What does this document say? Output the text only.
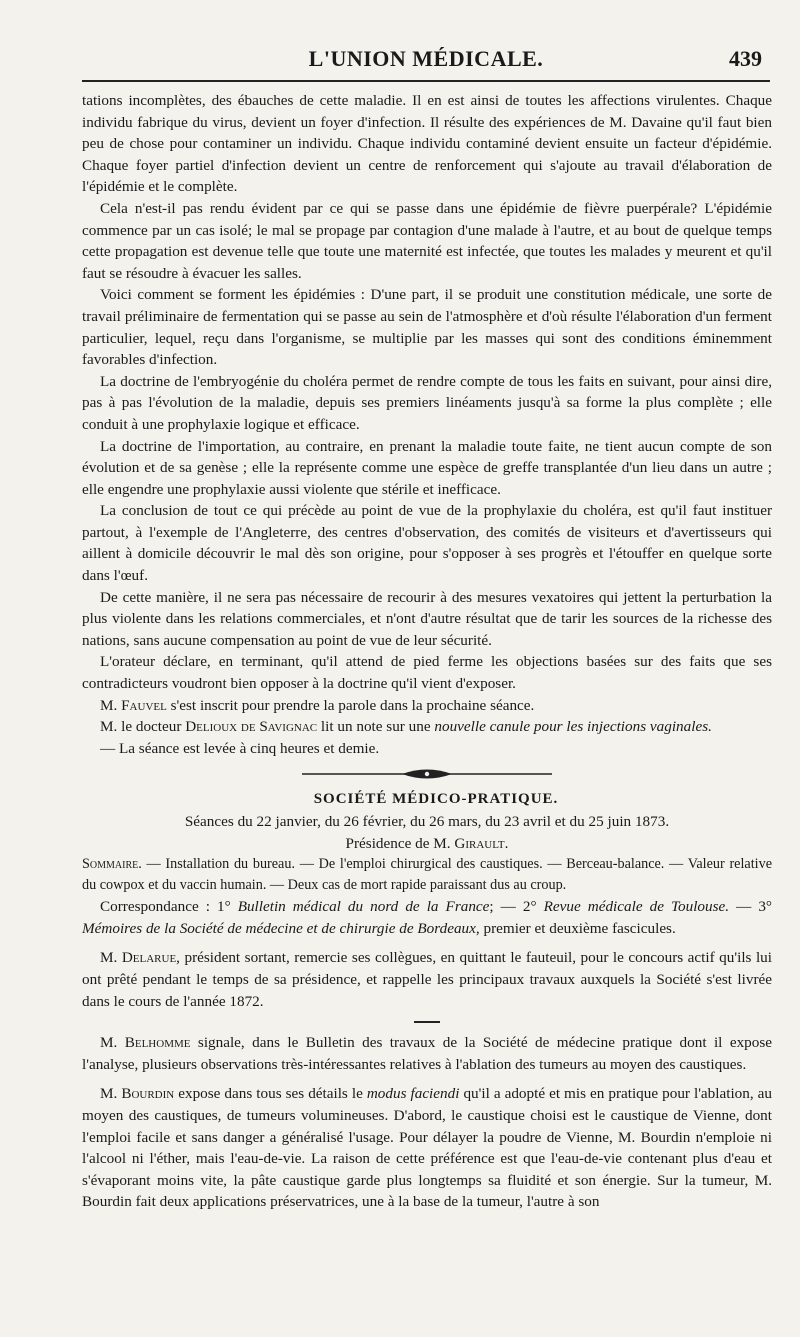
L'UNION MÉDICALE.	439

tations incomplètes, des ébauches de cette maladie. Il en est ainsi de toutes les affections virulentes. Chaque individu fabrique du virus, devient un foyer d'infection. Il résulte des expériences de M. Davaine qu'il faut bien peu de chose pour contaminer un individu. Chaque individu contaminé devient ensuite un facteur d'épidémie. Chaque foyer partiel d'infection devient un centre de renforcement qui s'ajoute au travail d'élaboration de l'épidémie et le complète.

Cela n'est-il pas rendu évident par ce qui se passe dans une épidémie de fièvre puerpérale? L'épidémie commence par un cas isolé; le mal se propage par contagion d'une malade à l'autre, et au bout de quelque temps cette propagation est devenue telle que toute une maternité est infectée, que toutes les malades y meurent et qu'il faut se résoudre à évacuer les salles.

Voici comment se forment les épidémies : D'une part, il se produit une constitution médicale, une sorte de travail préliminaire de fermentation qui se passe au sein de l'atmosphère et d'où résulte l'élaboration d'un ferment particulier, lequel, reçu dans l'organisme, se multiplie par les masses qui sont des conditions éminemment favorables d'infection.

La doctrine de l'embryogénie du choléra permet de rendre compte de tous les faits en suivant, pour ainsi dire, pas à pas l'évolution de la maladie, depuis ses premiers linéaments jusqu'à sa forme la plus complète ; elle conduit à une prophylaxie logique et efficace.

La doctrine de l'importation, au contraire, en prenant la maladie toute faite, ne tient aucun compte de son évolution et de sa genèse ; elle la représente comme une espèce de greffe transplantée d'un lieu dans un autre ; elle engendre une prophylaxie aussi violente que stérile et inefficace.

La conclusion de tout ce qui précède au point de vue de la prophylaxie du choléra, est qu'il faut instituer partout, à l'exemple de l'Angleterre, des centres d'observation, des comités de visiteurs et d'avertisseurs qui aillent à domicile découvrir le mal dès son origine, pour s'opposer à ses progrès et l'étouffer en quelque sorte dans l'œuf.

De cette manière, il ne sera pas nécessaire de recourir à des mesures vexatoires qui jettent la perturbation la plus violente dans les relations commerciales, et n'ont d'autre résultat que de tarir les sources de la richesse des nations, sans aucune compensation au point de vue de leur sécurité.

L'orateur déclare, en terminant, qu'il attend de pied ferme les objections basées sur des faits que ses contradicteurs voudront bien opposer à la doctrine qu'il vient d'exposer.

M. Fauvel s'est inscrit pour prendre la parole dans la prochaine séance.

M. le docteur Delioux de Savignac lit un note sur une nouvelle canule pour les injections vaginales.

— La séance est levée à cinq heures et demie.

SOCIÉTÉ MÉDICO-PRATIQUE.

Séances du 22 janvier, du 26 février, du 26 mars, du 23 avril et du 25 juin 1873.

Présidence de M. Girault.

Sommaire. — Installation du bureau. — De l'emploi chirurgical des caustiques. — Berceau-balance. — Valeur relative du cowpox et du vaccin humain. — Deux cas de mort rapide paraissant dus au croup.

Correspondance : 1° Bulletin médical du nord de la France; — 2° Revue médicale de Toulouse. — 3° Mémoires de la Société de médecine et de chirurgie de Bordeaux, premier et deuxième fascicules.

M. Delarue, président sortant, remercie ses collègues, en quittant le fauteuil, pour le concours actif qu'ils lui ont prêté pendant le temps de sa présidence, et rappelle les principaux travaux auxquels la Société s'est livrée dans le cours de l'année 1872.

M. Belhomme signale, dans le Bulletin des travaux de la Société de médecine pratique dont il expose l'analyse, plusieurs observations très-intéressantes relatives à l'ablation des tumeurs au moyen des caustiques.

M. Bourdin expose dans tous ses détails le modus faciendi qu'il a adopté et mis en pratique pour l'ablation, au moyen des caustiques, de tumeurs volumineuses. D'abord, le caustique choisi est le caustique de Vienne, dont l'emploi facile et sans danger a généralisé l'usage. Pour délayer la poudre de Vienne, M. Bourdin n'emploie ni l'alcool ni l'éther, mais l'eau-de-vie. La raison de cette préférence est que l'eau-de-vie contenant plus d'eau et s'évaporant moins vite, la pâte caustique garde plus longtemps sa fluidité et son énergie. Sur la tumeur, M. Bourdin fait deux applications préservatrices, une à la base de la tumeur, l'autre à son
